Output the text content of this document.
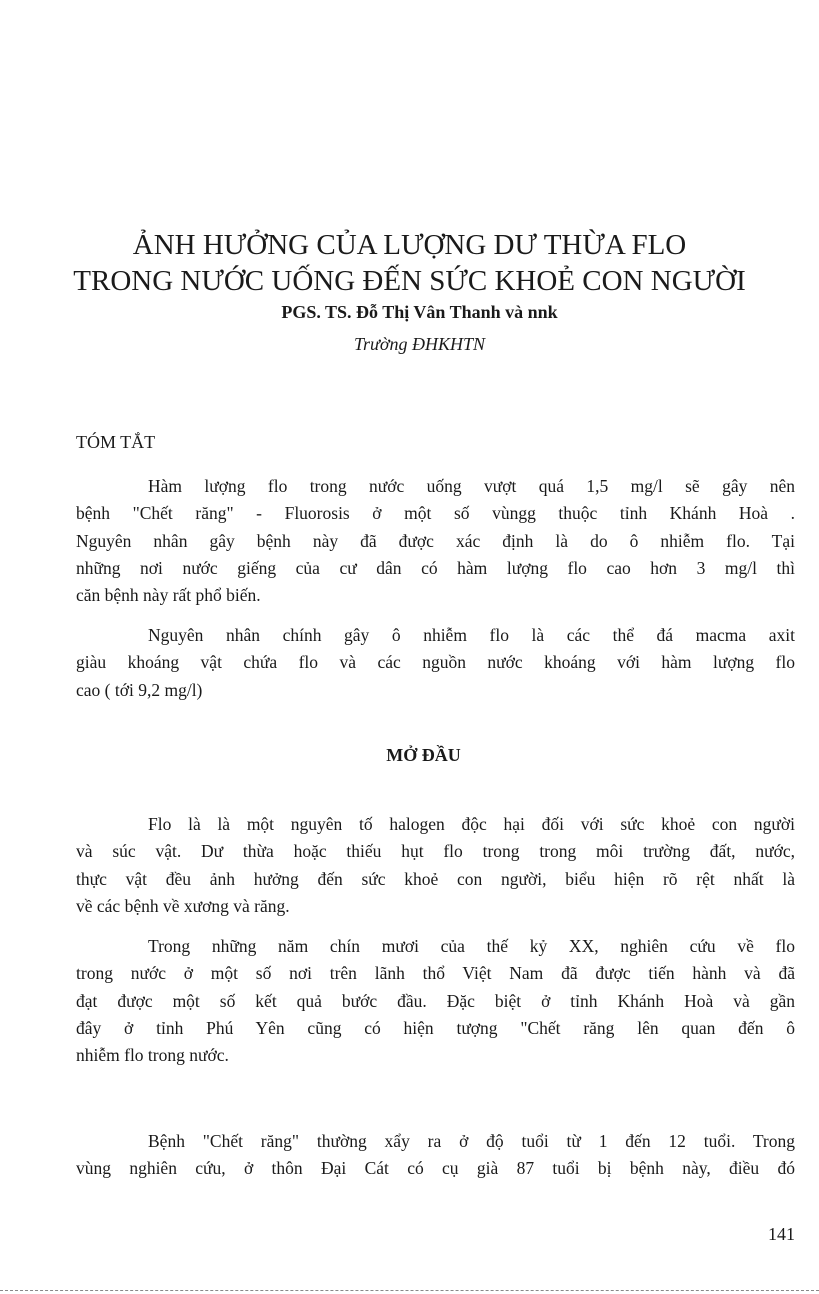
ẢNH HƯỞNG CỦA LƯỢNG DƯ THỪA FLO
TRONG NƯỚC UỐNG ĐẾN SỨC KHOẺ CON NGƯỜI
PGS. TS. Đỗ Thị Vân Thanh và nnk
Trường ĐHKHTN
TÓM TẮT
Hàm lượng flo trong nước uống vượt quá 1,5 mg/l sẽ gây nên
bệnh "Chết răng" - Fluorosis ở một số vùngg thuộc tỉnh Khánh Hoà .
Nguyên nhân gây bệnh này đã được xác định là do ô nhiễm flo. Tại
những nơi nước giếng của cư dân có hàm lượng flo cao hơn 3 mg/l thì
căn bệnh này rất phổ biến.
Nguyên nhân chính gây ô nhiễm flo là các thể đá macma axit
giàu khoáng vật chứa flo và các nguồn nước khoáng với hàm lượng flo
cao ( tới 9,2 mg/l)
MỞ ĐẦU
Flo là là một nguyên tố halogen độc hại đối với sức khoẻ con người
và súc vật. Dư thừa hoặc thiếu hụt flo trong trong môi trường đất, nước,
thực vật đều ảnh hưởng đến sức khoẻ con người, biểu hiện rõ rệt nhất là
về các bệnh về xương và răng.
Trong những năm chín mươi của thế kỷ XX, nghiên cứu về flo
trong nước ở một số nơi trên lãnh thổ Việt Nam đã được tiến hành và đã
đạt được một số kết quả bước đầu. Đặc biệt ở tỉnh Khánh Hoà và gần
đây ở tỉnh Phú Yên cũng có hiện tượng "Chết răng lên quan đến ô
nhiễm flo trong nước.
Bệnh "Chết răng" thường xẩy ra ở độ tuổi từ 1 đến 12 tuổi. Trong
vùng nghiên cứu, ở thôn Đại Cát có cụ già 87 tuổi bị bệnh này, điều đó
141
